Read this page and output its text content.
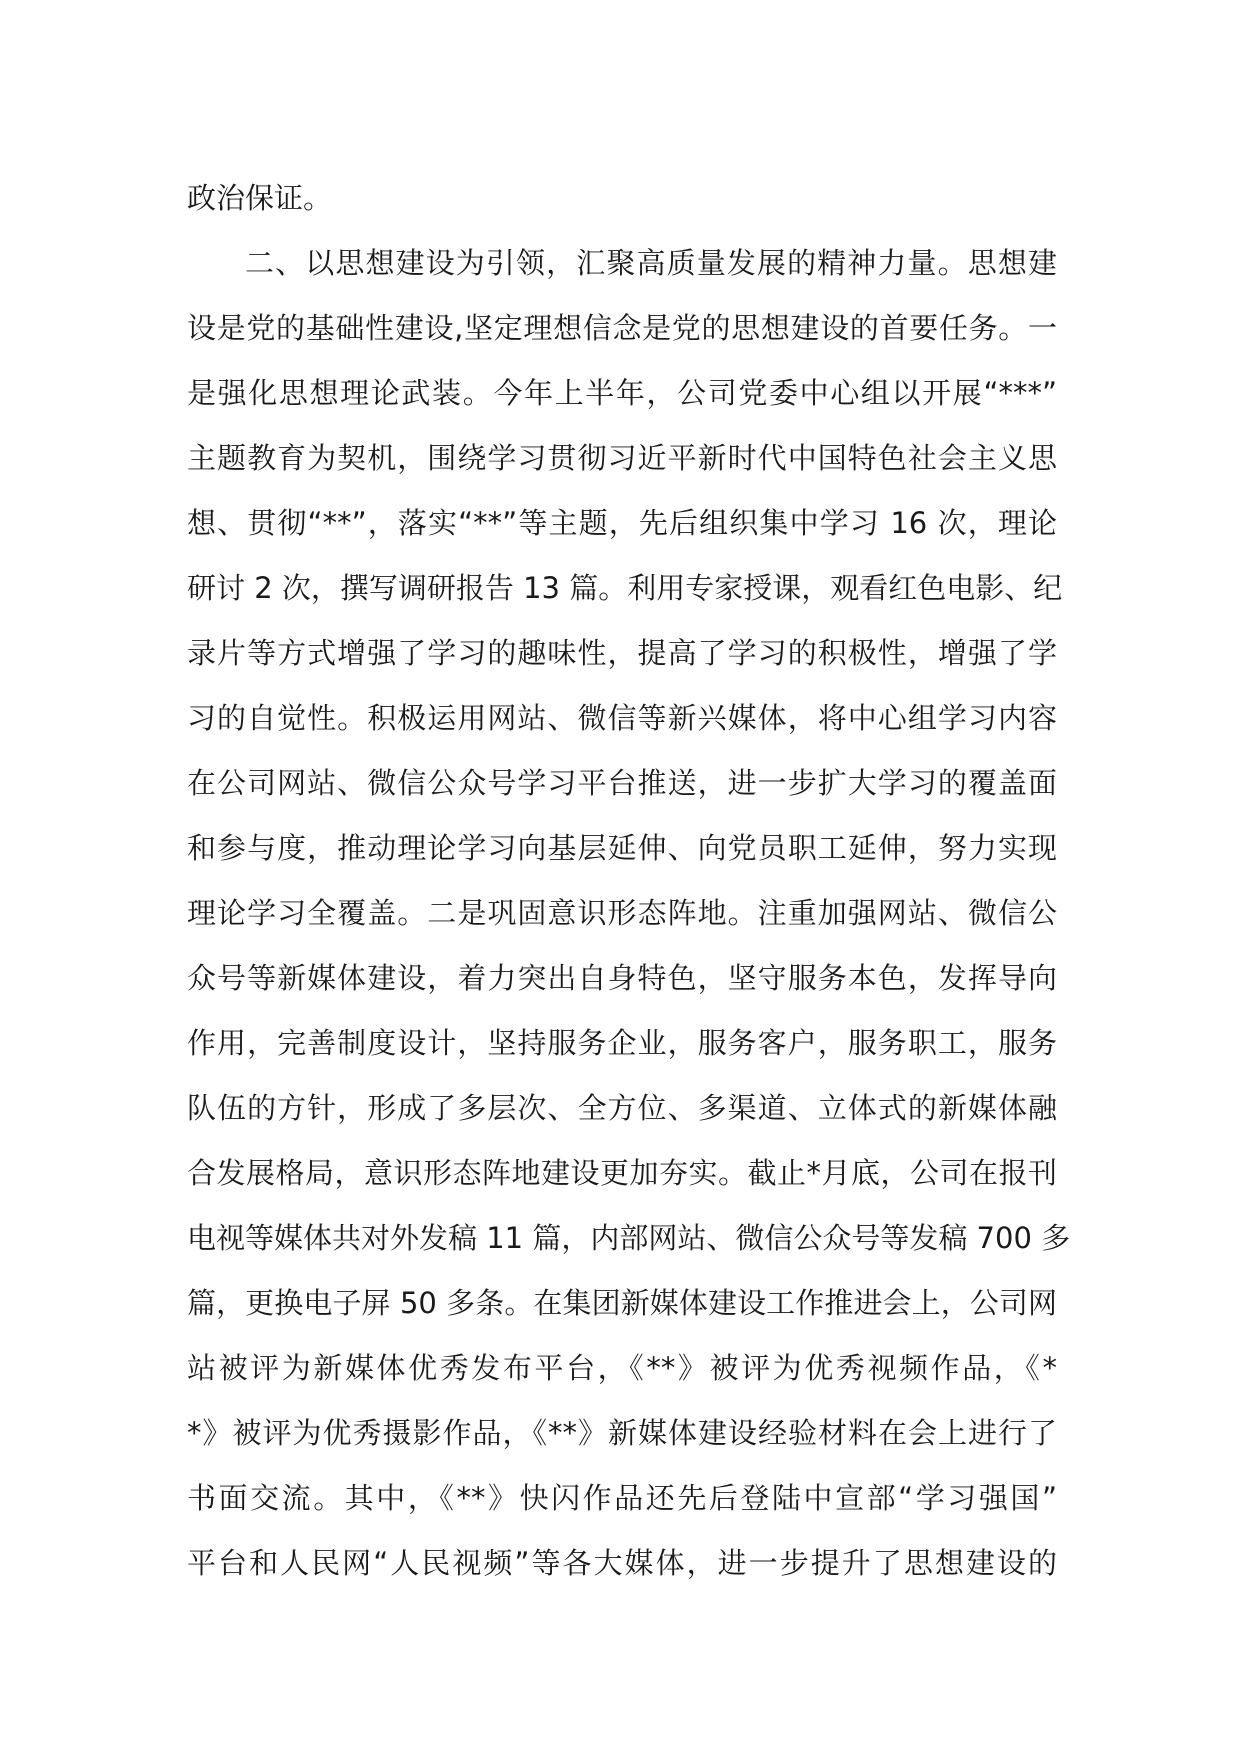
政治保证。
二、以思想建设为引领，汇聚高质量发展的精神力量。思想建
设是党的基础性建设,坚定理想信念是党的思想建设的首要任务。一
是强化思想理论武装。今年上半年，公司党委中心组以开展“***”
主题教育为契机，围绕学习贯彻习近平新时代中国特色社会主义思
想、贯彻“**”，落实“**”等主题，先后组织集中学习 16 次，理论
研讨 2 次，撰写调研报告 13 篇。利用专家授课，观看红色电影、纪
录片等方式增强了学习的趣味性，提高了学习的积极性，增强了学
习的自觉性。积极运用网站、微信等新兴媒体，将中心组学习内容
在公司网站、微信公众号学习平台推送，进一步扩大学习的覆盖面
和参与度，推动理论学习向基层延伸、向党员职工延伸，努力实现
理论学习全覆盖。二是巩固意识形态阵地。注重加强网站、微信公
众号等新媒体建设，着力突出自身特色，坚守服务本色，发挥导向
作用，完善制度设计，坚持服务企业，服务客户，服务职工，服务
队伍的方针，形成了多层次、全方位、多渠道、立体式的新媒体融
合发展格局，意识形态阵地建设更加夯实。截止*月底，公司在报刊
电视等媒体共对外发稿 11 篇，内部网站、微信公众号等发稿 700 多
篇，更换电子屏 50 多条。在集团新媒体建设工作推进会上，公司网
站被评为新媒体优秀发布平台，《**》被评为优秀视频作品，《*
*》被评为优秀摄影作品，《**》新媒体建设经验材料在会上进行了
书面交流。其中，《**》快闪作品还先后登陆中宣部“学习强国”
平台和人民网“人民视频”等各大媒体，进一步提升了思想建设的
